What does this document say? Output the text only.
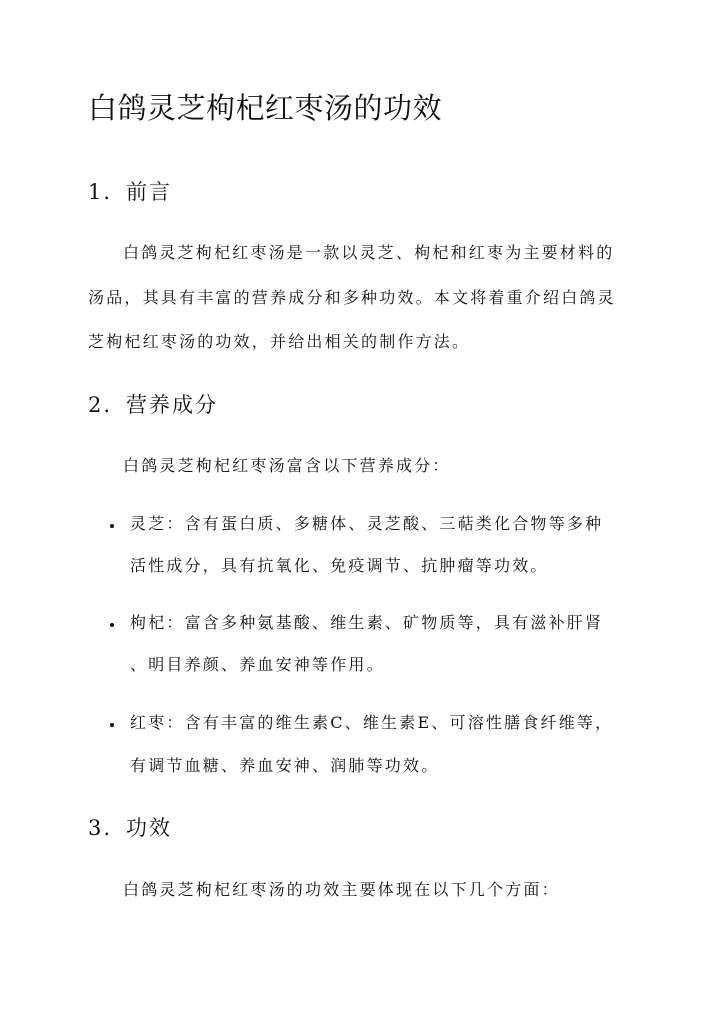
白鸽灵芝枸杞红枣汤的功效
1. 前言

白鸽灵芝枸杞红枣汤是一款以灵芝、枸杞和红枣为主要材料的

汤品，其具有丰富的营养成分和多种功效。本文将着重介绍白鸽灵

芝枸杞红枣汤的功效，并给出相关的制作方法。

2. 营养成分

白鸽灵芝枸杞红枣汤富含以下营养成分：

灵芝：含有蛋白质、多糖体、灵芝酸、三萜类化合物等多种

活性成分，具有抗氧化、免疫调节、抗肿瘤等功效。

枸杞：富含多种氨基酸、维生素、矿物质等，具有滋补肝肾

、明目养颜、养血安神等作用。

红枣：含有丰富的维生素C、维生素E、可溶性膳食纤维等，

有调节血糖、养血安神、润肺等功效。

3. 功效

白鸽灵芝枸杞红枣汤的功效主要体现在以下几个方面：
